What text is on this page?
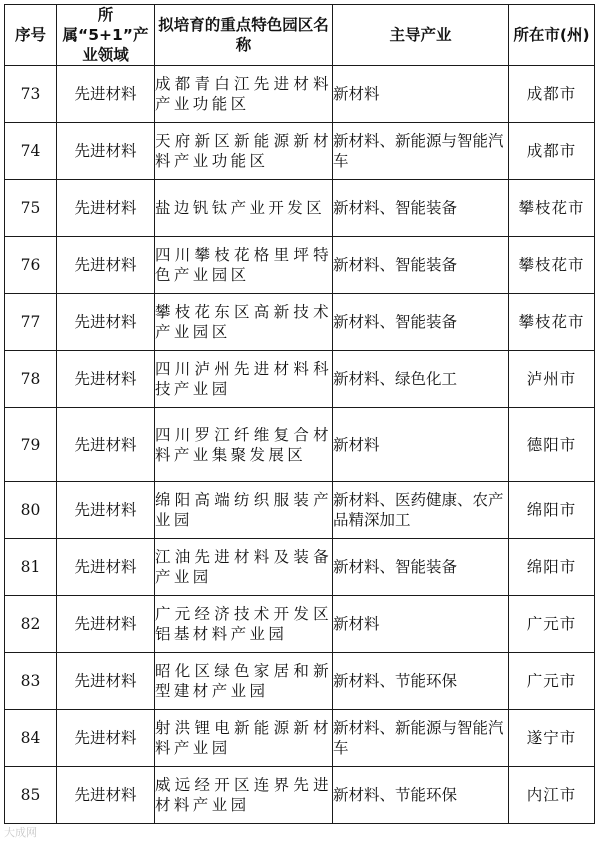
序号	所属“5+1”产业领域	拟培育的重点特色园区名称	主导产业	所在市(州)
73	先进材料	成都青白江先进材料产业功能区	新材料	成都市
74	先进材料	天府新区新能源新材料产业功能区	新材料、新能源与智能汽车	成都市
75	先进材料	盐边钒钛产业开发区	新材料、智能装备	攀枝花市
76	先进材料	四川攀枝花格里坪特色产业园区	新材料、智能装备	攀枝花市
77	先进材料	攀枝花东区高新技术产业园区	新材料、智能装备	攀枝花市
78	先进材料	四川泸州先进材料科技产业园	新材料、绿色化工	泸州市
79	先进材料	四川罗江纤维复合材料产业集聚发展区	新材料	德阳市
80	先进材料	绵阳高端纺织服装产业园	新材料、医药健康、农产品精深加工	绵阳市
81	先进材料	江油先进材料及装备产业园	新材料、智能装备	绵阳市
82	先进材料	广元经济技术开发区铝基材料产业园	新材料	广元市
83	先进材料	昭化区绿色家居和新型建材产业园	新材料、节能环保	广元市
84	先进材料	射洪锂电新能源新材料产业园	新材料、新能源与智能汽车	遂宁市
85	先进材料	威远经开区连界先进材料产业园	新材料、节能环保	内江市
大成网
